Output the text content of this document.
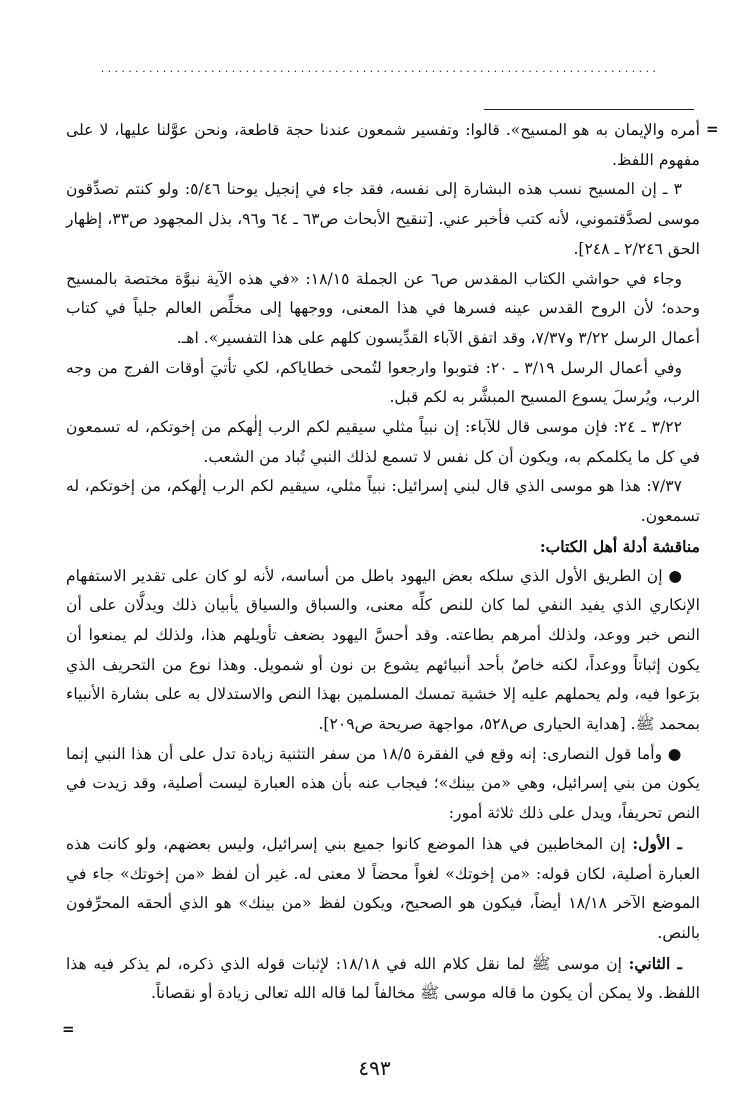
.................................................................................
=

أمره والإيمان به هو المسيح». قالوا: وتفسير شمعون عندنا حجة قاطعة، ونحن عوَّلنا عليها، لا على مفهوم اللفظ.

٣ ـ إن المسيح نسب هذه البشارة إلى نفسه، فقد جاء في إنجيل يوحنا ٥/٤٦: ولو كنتم تصدِّقون موسى لصدَّقتموني، لأنه كتب فأخبر عني. [تنقيح الأبحاث ص٦٣ ـ ٦٤ و٩٦، بذل المجهود ص٣٣، إظهار الحق ٢/٢٤٦ ـ ٢٤٨].

وجاء في حواشي الكتاب المقدس ص٦ عن الجملة ١٨/١٥: «في هذه الآية نبوَّة مختصة بالمسيح وحده؛ لأن الروح القدس عينه فسرها في هذا المعنى، ووجهها إلى مخلِّص العالم جلياً في كتاب أعمال الرسل ٣/٢٢ و٧/٣٧، وقد اتفق الآباء القدِّيسون كلهم على هذا التفسير». اهـ.

وفي أعمال الرسل ٣/١٩ ـ ٢٠: فتوبوا وارجعوا لتُمحى خطاياكم، لكي تأتيَ أوقات الفرج من وجه الرب، ويُرسلَ يسوع المسيح المبشَّر به لكم قبل.

٣/٢٢ ـ ٢٤: فإن موسى قال للآباء: إن نبياً مثلي سيقيم لكم الرب إلٰهكم من إخوتكم، له تسمعون في كل ما يكلمكم به، ويكون أن كل نفس لا تسمع لذلك النبي تُباد من الشعب.

٧/٣٧: هذا هو موسى الذي قال لبني إسرائيل: نبياً مثلي، سيقيم لكم الرب إلٰهكم، من إخوتكم، له تسمعون.

مناقشة أدلة أهل الكتاب:

● إن الطريق الأول الذي سلكه بعض اليهود باطل من أساسه، لأنه لو كان على تقدير الاستفهام الإنكاري الذي يفيد النفي لما كان للنص كلِّه معنى، والسباق والسياق يأبيان ذلك ويدلَّان على أن النص خبر ووعد، ولذلك أمرهم بطاعته. وقد أحسَّ اليهود بضعف تأويلهم هذا، ولذلك لم يمنعوا أن يكون إثباتاً ووعداً، لكنه خاصٌ بأحد أنبيائهم يشوع بن نون أو شمويل. وهذا نوع من التحريف الذي برَعوا فيه، ولم يحملهم عليه إلا خشية تمسك المسلمين بهذا النص والاستدلال به على بشارة الأنبياء بمحمد ﷺ. [هداية الحيارى ص٥٢٨، مواجهة صريحة ص٢٠٩].

● وأما قول النصارى: إنه وقع في الفقرة ١٨/٥ من سفر التثنية زيادة تدل على أن هذا النبي إنما يكون من بني إسرائيل، وهي «من بينك»؛ فيجاب عنه بأن هذه العبارة ليست أصلية، وقد زيدت في النص تحريفاً، ويدل على ذلك ثلاثة أمور:

ـ الأول: إن المخاطبين في هذا الموضع كانوا جميع بني إسرائيل، وليس بعضهم، ولو كانت هذه العبارة أصلية، لكان قوله: «من إخوتك» لغواً محضاً لا معنى له. غير أن لفظ «من إخوتك» جاء في الموضع الآخر ١٨/١٨ أيضاً، فيكون هو الصحيح، ويكون لفظ «من بينك» هو الذي ألحقه المحرِّفون بالنص.

ـ الثاني: إن موسى ﷺ لما نقل كلام الله في ١٨/١٨: لإثبات قوله الذي ذكره، لم يذكر فيه هذا اللفظ. ولا يمكن أن يكون ما قاله موسى ﷺ مخالفاً لما قاله الله تعالى زيادة أو نقصاناً.

=
٤٩٣
